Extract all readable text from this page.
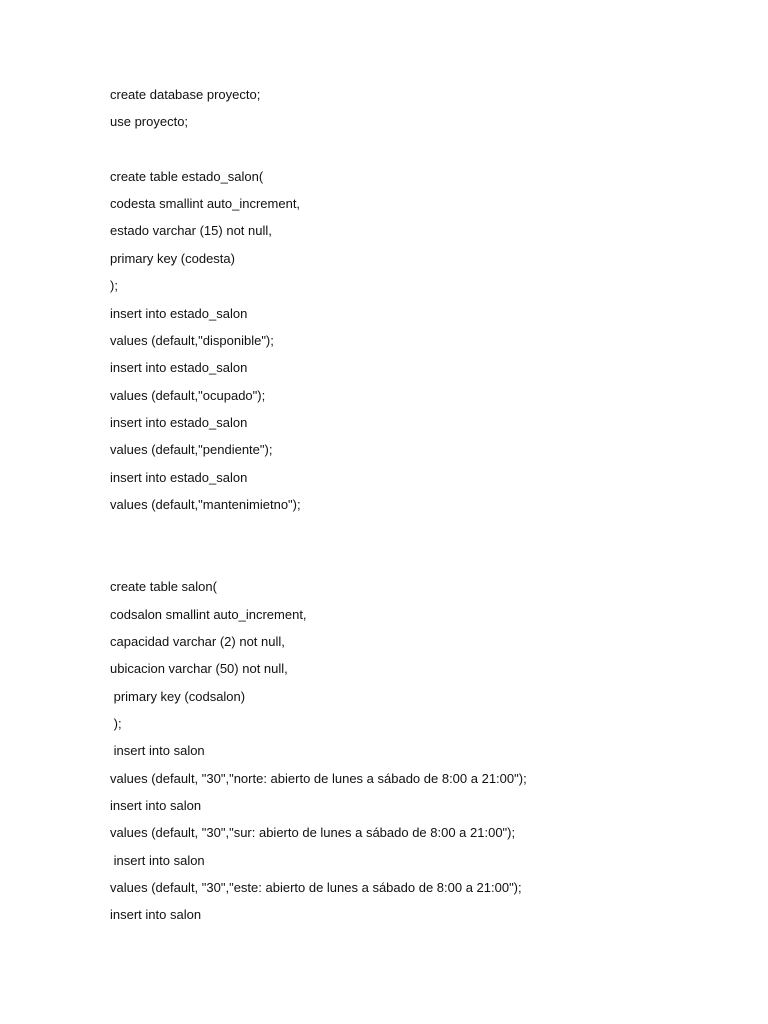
create database proyecto;

use proyecto;

create table estado_salon(

codesta smallint auto_increment,

estado varchar (15) not null,

primary key (codesta)

);

insert into estado_salon

values (default,"disponible");

insert into estado_salon

values (default,"ocupado");

insert into estado_salon

values (default,"pendiente");

insert into estado_salon

values (default,"mantenimietno");

create table salon(

codsalon smallint auto_increment,

capacidad varchar (2) not null,

ubicacion varchar (50) not null,

primary key (codsalon)

);

insert into salon

values (default, "30","norte: abierto de lunes a sábado de 8:00 a 21:00");

insert into salon

values (default, "30","sur: abierto de lunes a sábado de 8:00 a 21:00");

insert into salon

values (default, "30","este: abierto de lunes a sábado de 8:00 a 21:00");

insert into salon
